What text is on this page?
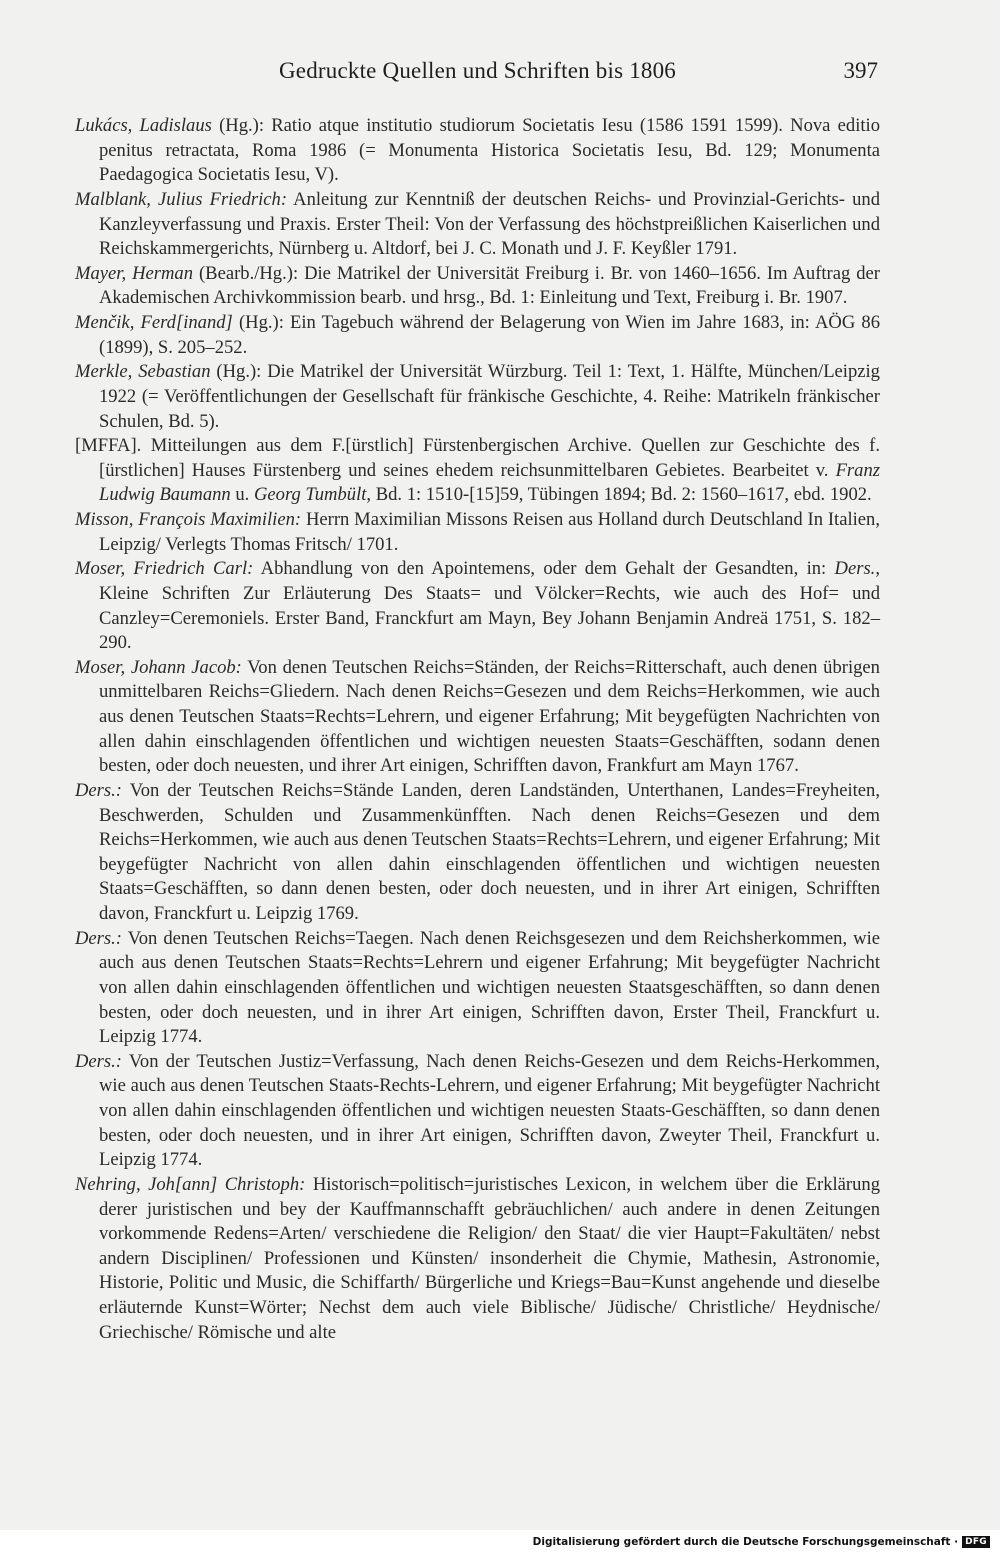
Gedruckte Quellen und Schriften bis 1806	397

Lukács, Ladislaus (Hg.): Ratio atque institutio studiorum Societatis Iesu (1586 1591 1599). Nova editio penitus retractata, Roma 1986 (= Monumenta Historica Societatis Iesu, Bd. 129; Monumenta Paedagogica Societatis Iesu, V).

Malblank, Julius Friedrich: Anleitung zur Kenntniß der deutschen Reichs- und Provinzial-Gerichts- und Kanzleyverfassung und Praxis. Erster Theil: Von der Verfassung des höchstpreißlichen Kaiserlichen und Reichskammergerichts, Nürnberg u. Altdorf, bei J. C. Monath und J. F. Keyßler 1791.

Mayer, Herman (Bearb./Hg.): Die Matrikel der Universität Freiburg i. Br. von 1460–1656. Im Auftrag der Akademischen Archivkommission bearb. und hrsg., Bd. 1: Einleitung und Text, Freiburg i. Br. 1907.

Menčik, Ferd[inand] (Hg.): Ein Tagebuch während der Belagerung von Wien im Jahre 1683, in: AÖG 86 (1899), S. 205–252.

Merkle, Sebastian (Hg.): Die Matrikel der Universität Würzburg. Teil 1: Text, 1. Hälfte, München/Leipzig 1922 (= Veröffentlichungen der Gesellschaft für fränkische Geschichte, 4. Reihe: Matrikeln fränkischer Schulen, Bd. 5).

[MFFA]. Mitteilungen aus dem F.[ürstlich] Fürstenbergischen Archive. Quellen zur Geschichte des f.[ürstlichen] Hauses Fürstenberg und seines ehedem reichsunmittelbaren Gebietes. Bearbeitet v. Franz Ludwig Baumann u. Georg Tumbült, Bd. 1: 1510-[15]59, Tübingen 1894; Bd. 2: 1560–1617, ebd. 1902.

Misson, François Maximilien: Herrn Maximilian Missons Reisen aus Holland durch Deutschland In Italien, Leipzig/ Verlegts Thomas Fritsch/ 1701.

Moser, Friedrich Carl: Abhandlung von den Apointemens, oder dem Gehalt der Gesandten, in: Ders., Kleine Schriften Zur Erläuterung Des Staats= und Völcker=Rechts, wie auch des Hof= und Canzley=Ceremoniels. Erster Band, Franckfurt am Mayn, Bey Johann Benjamin Andreä 1751, S. 182–290.

Moser, Johann Jacob: Von denen Teutschen Reichs=Ständen, der Reichs=Ritterschaft, auch denen übrigen unmittelbaren Reichs=Gliedern. Nach denen Reichs=Gesezen und dem Reichs=Herkommen, wie auch aus denen Teutschen Staats=Rechts=Lehrern, und eigener Erfahrung; Mit beygefügten Nachrichten von allen dahin einschlagenden öffentlichen und wichtigen neuesten Staats=Geschäfften, sodann denen besten, oder doch neuesten, und ihrer Art einigen, Schrifften davon, Frankfurt am Mayn 1767.

Ders.: Von der Teutschen Reichs=Stände Landen, deren Landständen, Unterthanen, Landes=Freyheiten, Beschwerden, Schulden und Zusammenkünfften. Nach denen Reichs=Gesezen und dem Reichs=Herkommen, wie auch aus denen Teutschen Staats=Rechts=Lehrern, und eigener Erfahrung; Mit beygefügter Nachricht von allen dahin einschlagenden öffentlichen und wichtigen neuesten Staats=Geschäfften, so dann denen besten, oder doch neuesten, und in ihrer Art einigen, Schrifften davon, Franckfurt u. Leipzig 1769.

Ders.: Von denen Teutschen Reichs=Taegen. Nach denen Reichsgesezen und dem Reichsherkommen, wie auch aus denen Teutschen Staats=Rechts=Lehrern und eigener Erfahrung; Mit beygefügter Nachricht von allen dahin einschlagenden öffentlichen und wichtigen neuesten Staatsgeschäfften, so dann denen besten, oder doch neuesten, und in ihrer Art einigen, Schrifften davon, Erster Theil, Franckfurt u. Leipzig 1774.

Ders.: Von der Teutschen Justiz=Verfassung, Nach denen Reichs-Gesezen und dem Reichs-Herkommen, wie auch aus denen Teutschen Staats-Rechts-Lehrern, und eigener Erfahrung; Mit beygefügter Nachricht von allen dahin einschlagenden öffentlichen und wichtigen neuesten Staats-Geschäfften, so dann denen besten, oder doch neuesten, und in ihrer Art einigen, Schrifften davon, Zweyter Theil, Franckfurt u. Leipzig 1774.

Nehring, Joh[ann] Christoph: Historisch=politisch=juristisches Lexicon, in welchem über die Erklärung derer juristischen und bey der Kauffmannschafft gebräuchlichen/ auch andere in denen Zeitungen vorkommende Redens=Arten/ verschiedene die Religion/ den Staat/ die vier Haupt=Fakultäten/ nebst andern Disciplinen/ Professionen und Künsten/ insonderheit die Chymie, Mathesin, Astronomie, Historie, Politic und Music, die Schiffarth/ Bürgerliche und Kriegs=Bau=Kunst angehende und dieselbe erläuternde Kunst=Wörter; Nechst dem auch viele Biblische/ Jüdische/ Christliche/ Heydnische/ Griechische/ Römische und alte

Digitalisierung gefördert durch die Deutsche Forschungsgemeinschaft · DFG
